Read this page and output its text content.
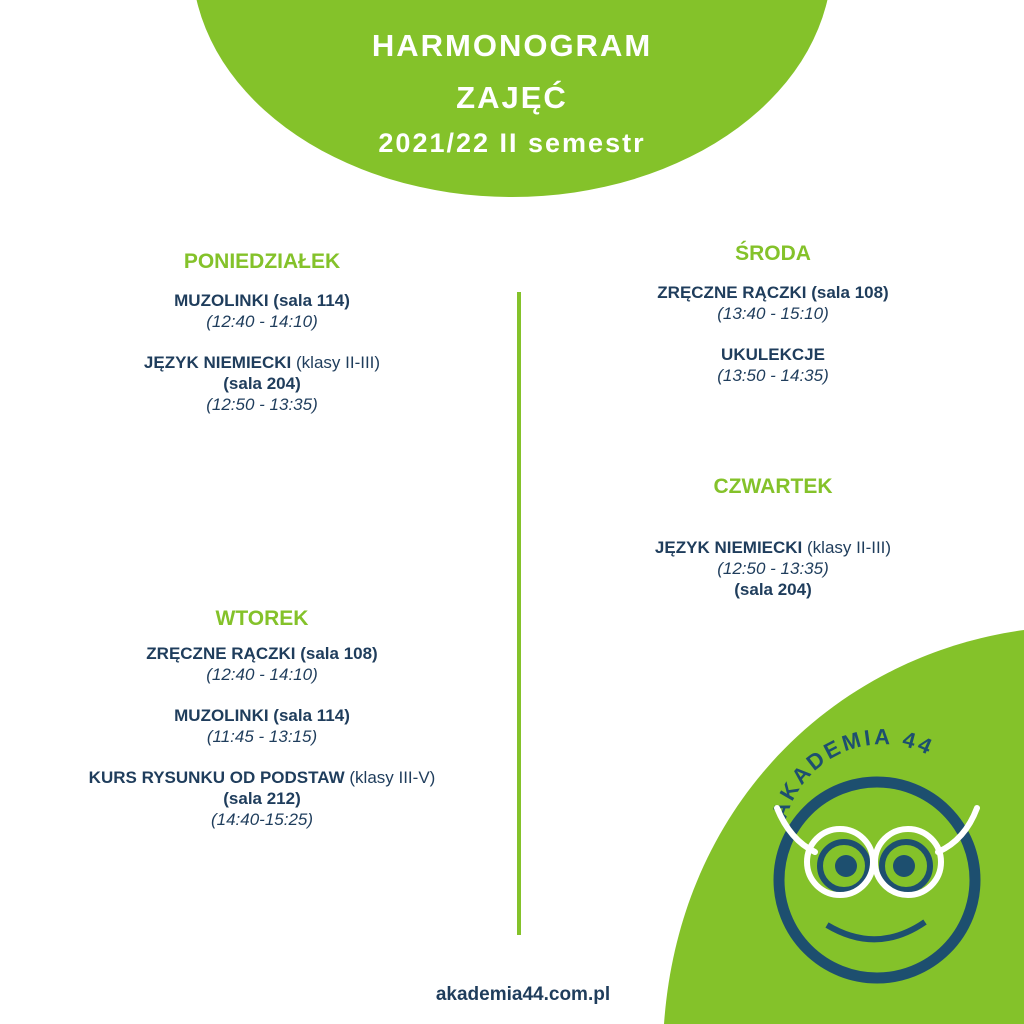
AKADEMIA 44
HARMONOGRAM
ZAJĘĆ
2021/22 II semestr
PONIEDZIAŁEK
MUZOLINKI (sala 114)
(12:40 - 14:10)
JĘZYK NIEMIECKI (klasy II-III)
(sala 204)
(12:50 - 13:35)
WTOREK
ZRĘCZNE RĄCZKI (sala 108)
(12:40 - 14:10)
MUZOLINKI (sala 114)
(11:45 - 13:15)
KURS RYSUNKU OD PODSTAW (klasy III-V)
(sala 212)
(14:40-15:25)
ŚRODA
ZRĘCZNE RĄCZKI (sala 108)
(13:40 - 15:10)
UKULEKCJE
(13:50 - 14:35)
CZWARTEK
JĘZYK NIEMIECKI (klasy II-III)
(12:50 - 13:35)
(sala 204)
akademia44.com.pl
